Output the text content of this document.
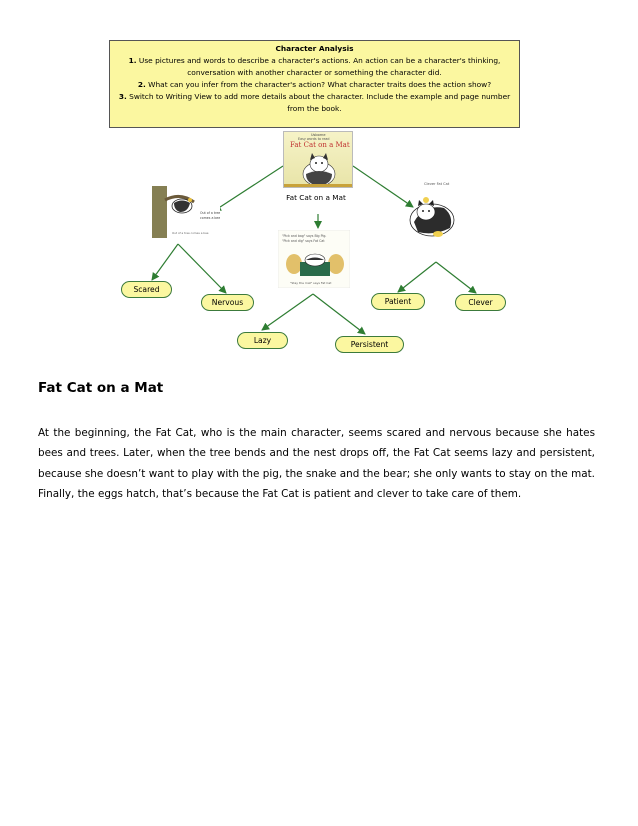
Character Analysis
1. Use pictures and words to describe a character's actions. An action can be a character's thinking, conversation with another character or something the character did.
2. What can you infer from the character's action? What character traits does the action show?
3. Switch to Writing View to add more details about the character. Include the example and page number from the book.
Usborne
Easy words to read
Fat Cat on a Mat
Fat Cat on a Mat
Out of a tree
comes a bee
Out of a tree comes a bee
"Pick and bag" says Big Pig.
"Pick and dig" says Fat Cat
"Stay the mat" says Fat Cat
Clever Fat Cat
Scared
Nervous
Lazy	Persistent
Patient	Clever
Fat Cat on a Mat
At the beginning, the Fat Cat, who is the main character, seems scared and nervous because she hates bees and trees. Later, when the tree bends and the nest drops off, the Fat Cat seems lazy and persistent, because she doesn’t want to play with the pig, the snake and the bear; she only wants to stay on the mat. Finally, the eggs hatch, that’s because the Fat Cat is patient and clever to take care of them.
